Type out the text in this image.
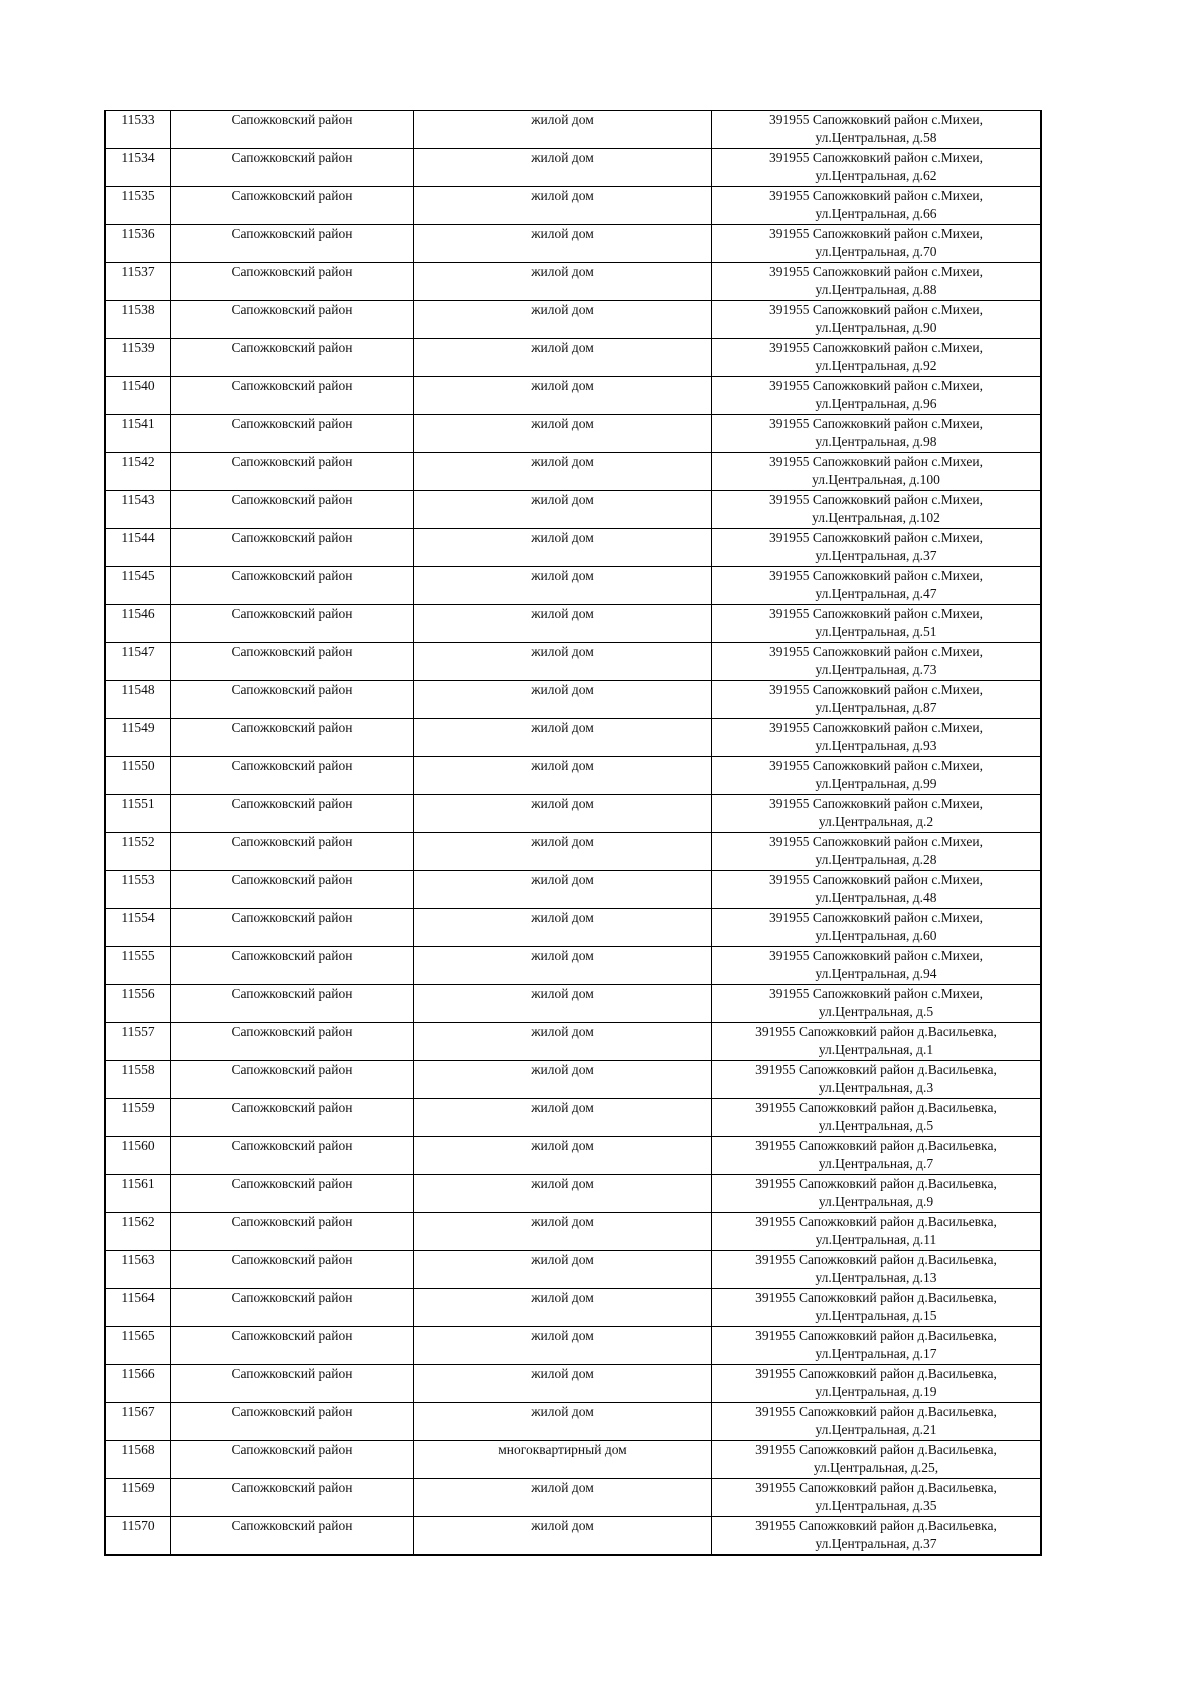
11533	Сапожковский район	жилой дом	391955 Сапожковкий район с.Михеи,
ул.Центральная, д.58

11534	Сапожковский район	жилой дом	391955 Сапожковкий район с.Михеи,
ул.Центральная, д.62

11535	Сапожковский район	жилой дом	391955 Сапожковкий район с.Михеи,
ул.Центральная, д.66

11536	Сапожковский район	жилой дом	391955 Сапожковкий район с.Михеи,
ул.Центральная, д.70

11537	Сапожковский район	жилой дом	391955 Сапожковкий район с.Михеи,
ул.Центральная, д.88

11538	Сапожковский район	жилой дом	391955 Сапожковкий район с.Михеи,
ул.Центральная, д.90

11539	Сапожковский район	жилой дом	391955 Сапожковкий район с.Михеи,
ул.Центральная, д.92

11540	Сапожковский район	жилой дом	391955 Сапожковкий район с.Михеи,
ул.Центральная, д.96

11541	Сапожковский район	жилой дом	391955 Сапожковкий район с.Михеи,
ул.Центральная, д.98

11542	Сапожковский район	жилой дом	391955 Сапожковкий район с.Михеи,
ул.Центральная, д.100

11543	Сапожковский район	жилой дом	391955 Сапожковкий район с.Михеи,
ул.Центральная, д.102

11544	Сапожковский район	жилой дом	391955 Сапожковкий район с.Михеи,
ул.Центральная, д.37

11545	Сапожковский район	жилой дом	391955 Сапожковкий район с.Михеи,
ул.Центральная, д.47

11546	Сапожковский район	жилой дом	391955 Сапожковкий район с.Михеи,
ул.Центральная, д.51

11547	Сапожковский район	жилой дом	391955 Сапожковкий район с.Михеи,
ул.Центральная, д.73

11548	Сапожковский район	жилой дом	391955 Сапожковкий район с.Михеи,
ул.Центральная, д.87

11549	Сапожковский район	жилой дом	391955 Сапожковкий район с.Михеи,
ул.Центральная, д.93

11550	Сапожковский район	жилой дом	391955 Сапожковкий район с.Михеи,
ул.Центральная, д.99

11551	Сапожковский район	жилой дом	391955 Сапожковкий район с.Михеи,
ул.Центральная, д.2

11552	Сапожковский район	жилой дом	391955 Сапожковкий район с.Михеи,
ул.Центральная, д.28

11553	Сапожковский район	жилой дом	391955 Сапожковкий район с.Михеи,
ул.Центральная, д.48

11554	Сапожковский район	жилой дом	391955 Сапожковкий район с.Михеи,
ул.Центральная, д.60

11555	Сапожковский район	жилой дом	391955 Сапожковкий район с.Михеи,
ул.Центральная, д.94

11556	Сапожковский район	жилой дом	391955 Сапожковкий район с.Михеи,
ул.Центральная, д.5

11557	Сапожковский район	жилой дом	391955 Сапожковкий район д.Васильевка,
ул.Центральная, д.1

11558	Сапожковский район	жилой дом	391955 Сапожковкий район д.Васильевка,
ул.Центральная, д.3

11559	Сапожковский район	жилой дом	391955 Сапожковкий район д.Васильевка,
ул.Центральная, д.5

11560	Сапожковский район	жилой дом	391955 Сапожковкий район д.Васильевка,
ул.Центральная, д.7

11561	Сапожковский район	жилой дом	391955 Сапожковкий район д.Васильевка,
ул.Центральная, д.9

11562	Сапожковский район	жилой дом	391955 Сапожковкий район д.Васильевка,
ул.Центральная, д.11

11563	Сапожковский район	жилой дом	391955 Сапожковкий район д.Васильевка,
ул.Центральная, д.13

11564	Сапожковский район	жилой дом	391955 Сапожковкий район д.Васильевка,
ул.Центральная, д.15

11565	Сапожковский район	жилой дом	391955 Сапожковкий район д.Васильевка,
ул.Центральная, д.17

11566	Сапожковский район	жилой дом	391955 Сапожковкий район д.Васильевка,
ул.Центральная, д.19

11567	Сапожковский район	жилой дом	391955 Сапожковкий район д.Васильевка,
ул.Центральная, д.21

11568	Сапожковский район	многоквартирный дом	391955 Сапожковкий район д.Васильевка,
ул.Центральная, д.25,

11569	Сапожковский район	жилой дом	391955 Сапожковкий район д.Васильевка,
ул.Центральная, д.35

11570	Сапожковский район	жилой дом	391955 Сапожковкий район д.Васильевка,
ул.Центральная, д.37
